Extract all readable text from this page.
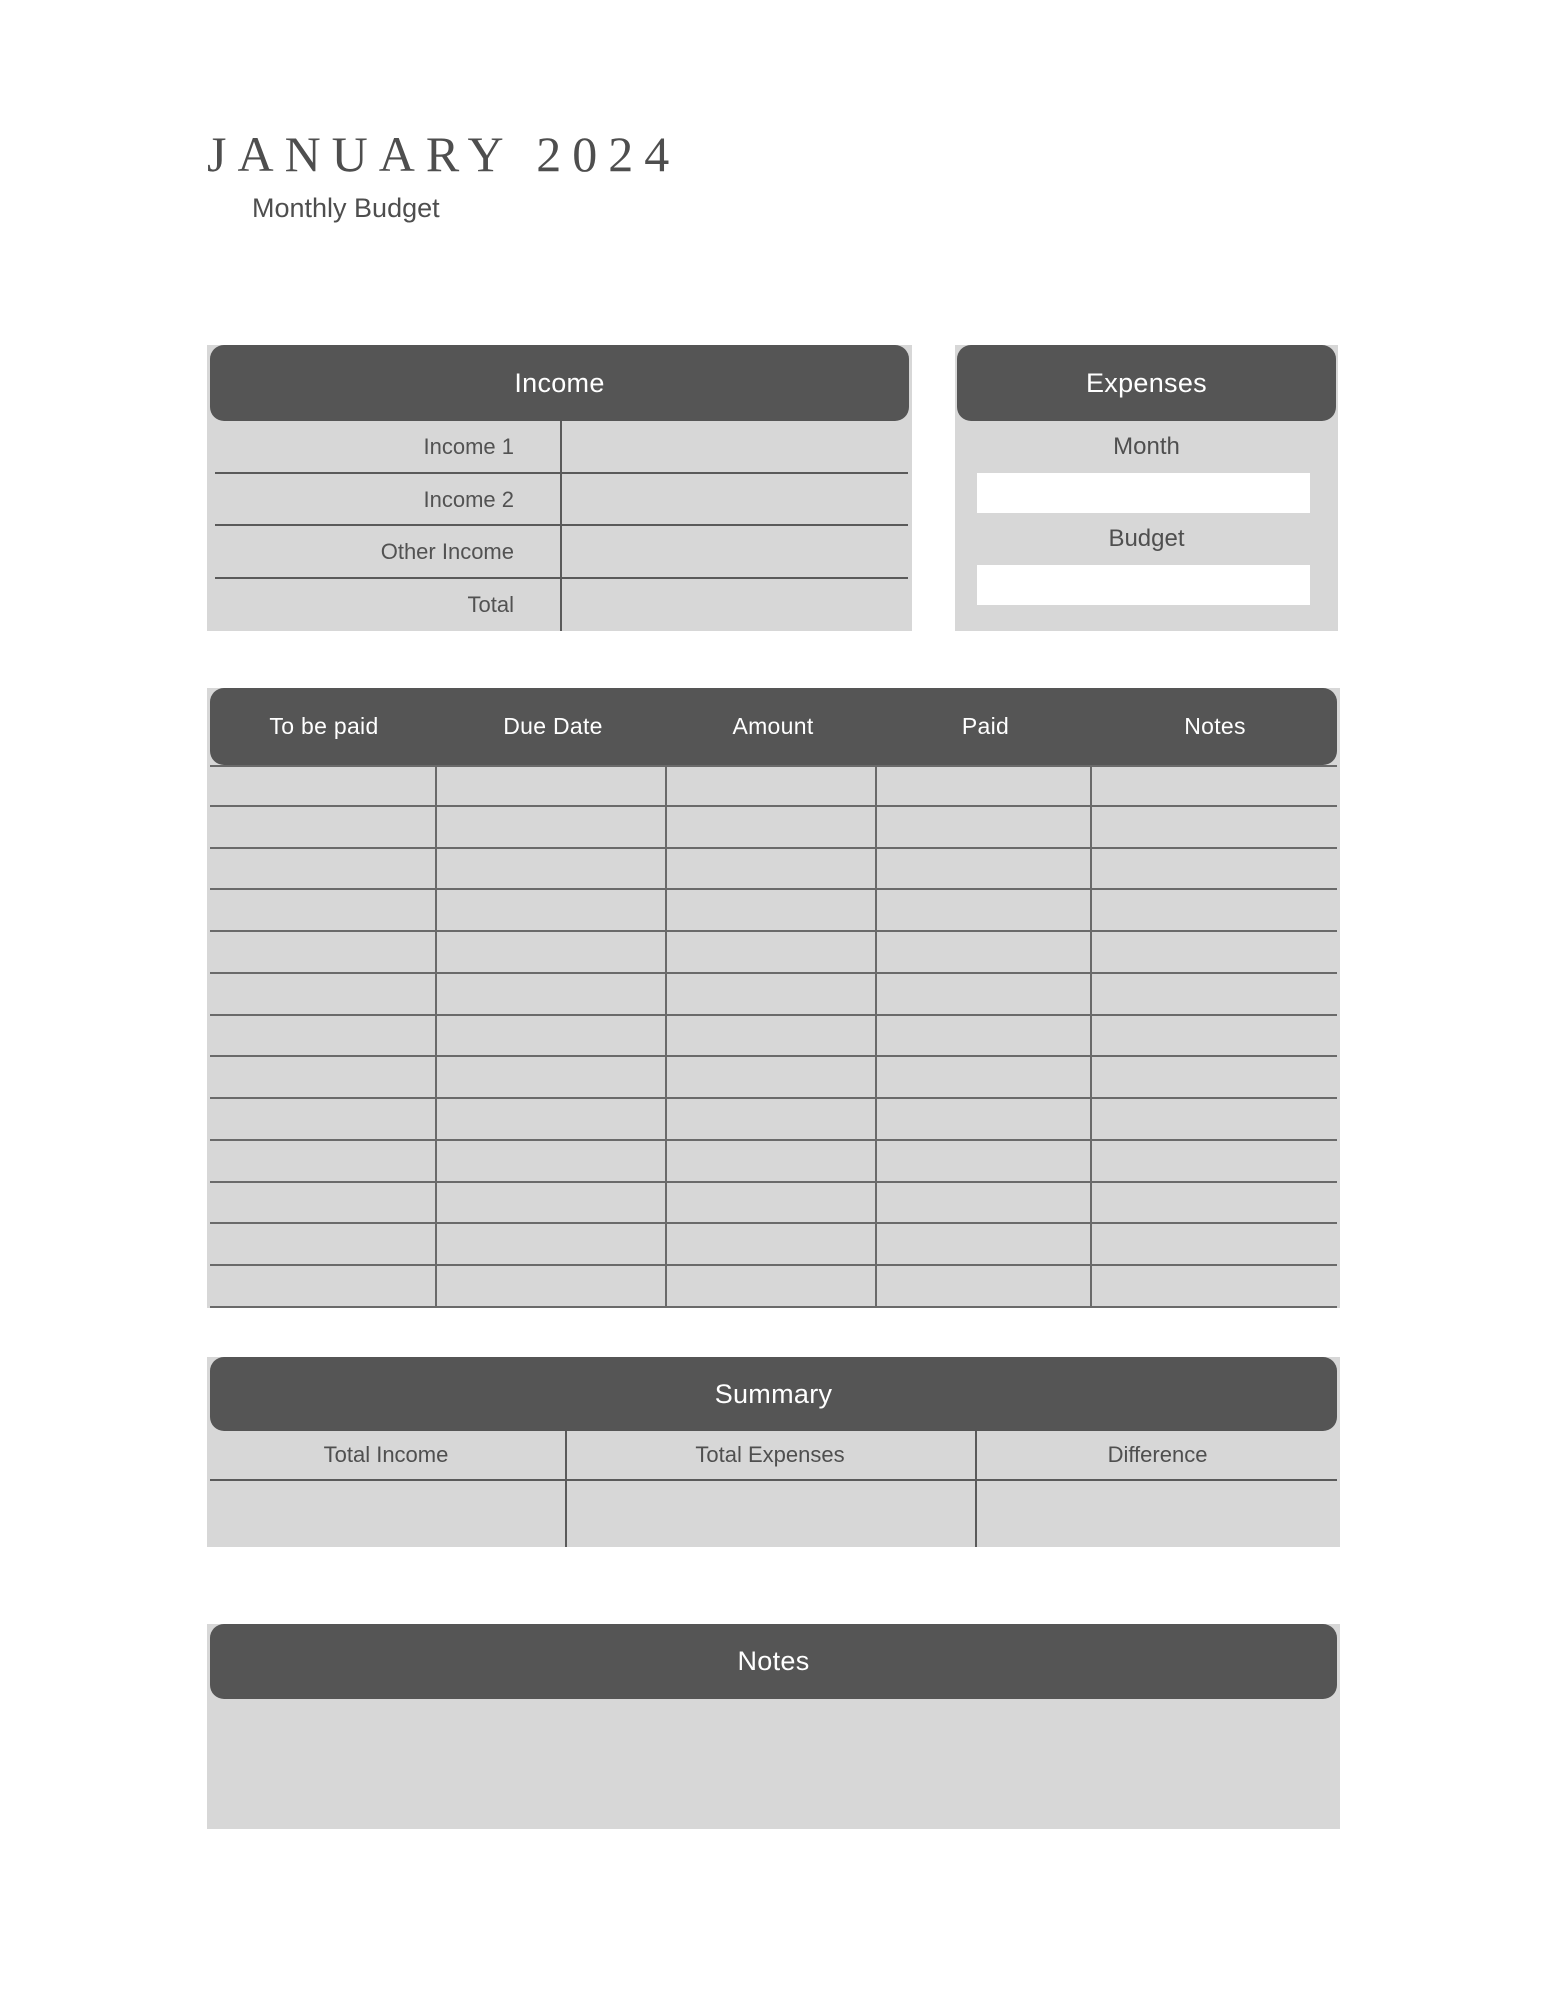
JANUARY 2024
Monthly Budget
Income
Income 1
Income 2
Other Income
Total
Expenses
Month
Budget
To be paid	Due Date	Amount	Paid	Notes
Summary
Total Income	Total Expenses	Difference
Notes
